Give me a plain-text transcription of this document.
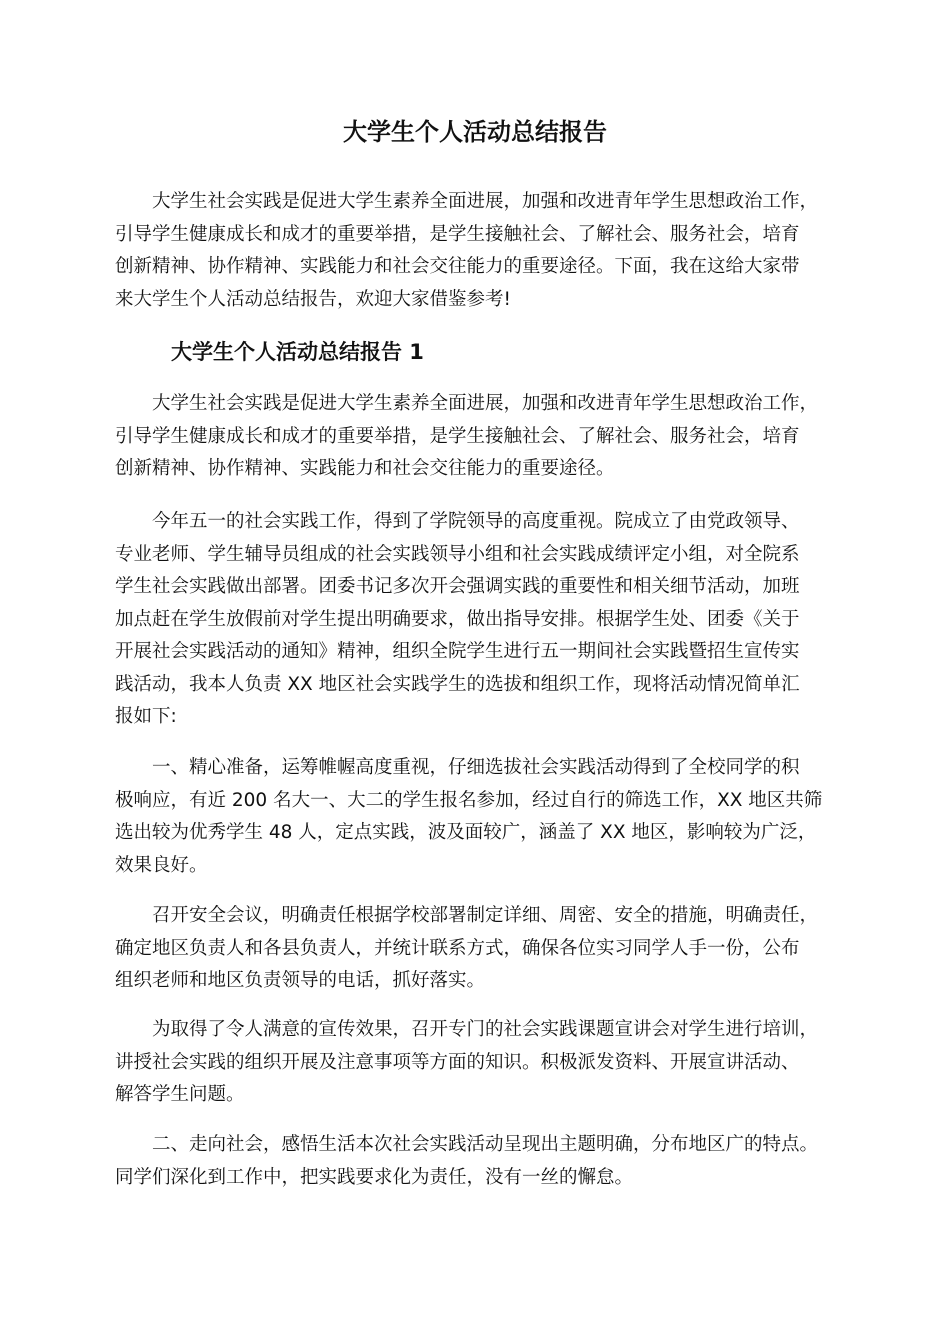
大学生个人活动总结报告

大学生社会实践是促进大学生素养全面进展，加强和改进青年学生思想政治工作，
引导学生健康成长和成才的重要举措，是学生接触社会、了解社会、服务社会，培育
创新精神、协作精神、实践能力和社会交往能力的重要途径。下面，我在这给大家带
来大学生个人活动总结报告，欢迎大家借鉴参考!

大学生个人活动总结报告 1

大学生社会实践是促进大学生素养全面进展，加强和改进青年学生思想政治工作，
引导学生健康成长和成才的重要举措，是学生接触社会、了解社会、服务社会，培育
创新精神、协作精神、实践能力和社会交往能力的重要途径。

今年五一的社会实践工作，得到了学院领导的高度重视。院成立了由党政领导、
专业老师、学生辅导员组成的社会实践领导小组和社会实践成绩评定小组，对全院系
学生社会实践做出部署。团委书记多次开会强调实践的重要性和相关细节活动，加班
加点赶在学生放假前对学生提出明确要求，做出指导安排。根据学生处、团委《关于
开展社会实践活动的通知》精神，组织全院学生进行五一期间社会实践暨招生宣传实
践活动，我本人负责 XX 地区社会实践学生的选拔和组织工作，现将活动情况简单汇
报如下:

一、精心准备，运筹帷幄高度重视，仔细选拔社会实践活动得到了全校同学的积
极响应，有近 200 名大一、大二的学生报名参加，经过自行的筛选工作，XX 地区共筛
选出较为优秀学生 48 人，定点实践，波及面较广，涵盖了 XX 地区，影响较为广泛，
效果良好。

召开安全会议，明确责任根据学校部署制定详细、周密、安全的措施，明确责任，
确定地区负责人和各县负责人，并统计联系方式，确保各位实习同学人手一份，公布
组织老师和地区负责领导的电话，抓好落实。

为取得了令人满意的宣传效果，召开专门的社会实践课题宣讲会对学生进行培训，
讲授社会实践的组织开展及注意事项等方面的知识。积极派发资料、开展宣讲活动、
解答学生问题。

二、走向社会，感悟生活本次社会实践活动呈现出主题明确，分布地区广的特点。
同学们深化到工作中，把实践要求化为责任，没有一丝的懈怠。
